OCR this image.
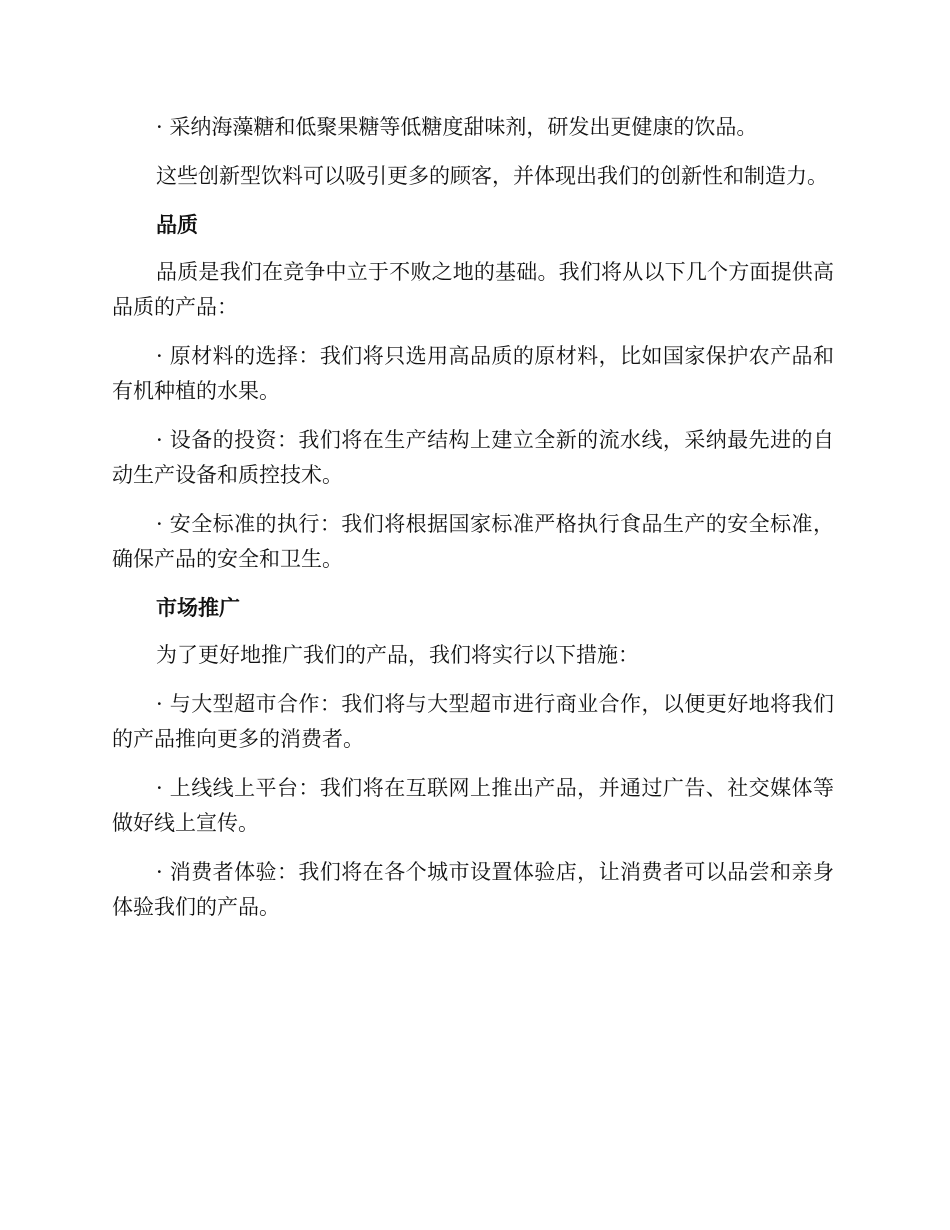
· 采纳海藻糖和低聚果糖等低糖度甜味剂，研发出更健康的饮品。

这些创新型饮料可以吸引更多的顾客，并体现出我们的创新性和制造力。

品质

品质是我们在竞争中立于不败之地的基础。我们将从以下几个方面提供高品质的产品：

· 原材料的选择：我们将只选用高品质的原材料，比如国家保护农产品和有机种植的水果。

· 设备的投资：我们将在生产结构上建立全新的流水线，采纳最先进的自动生产设备和质控技术。

· 安全标准的执行：我们将根据国家标准严格执行食品生产的安全标准，确保产品的安全和卫生。

市场推广

为了更好地推广我们的产品，我们将实行以下措施：

· 与大型超市合作：我们将与大型超市进行商业合作，以便更好地将我们的产品推向更多的消费者。

· 上线线上平台：我们将在互联网上推出产品，并通过广告、社交媒体等做好线上宣传。

· 消费者体验：我们将在各个城市设置体验店，让消费者可以品尝和亲身体验我们的产品。
